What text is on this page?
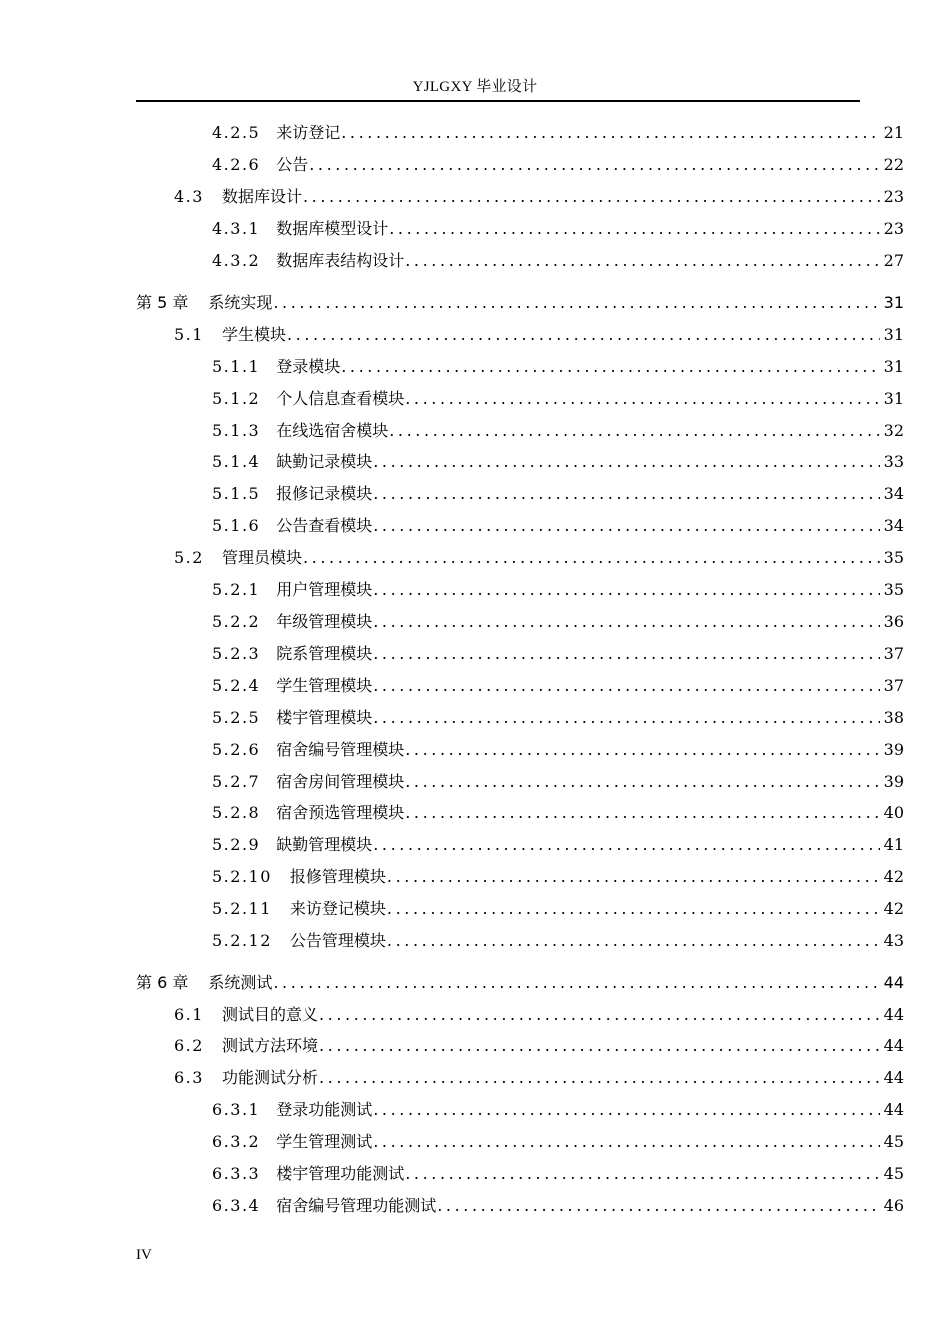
YJLGXY 毕业设计
4.2.5 来访登记 .....	21
4.2.6 公告 .....	22
4.3 数据库设计 .....	23
4.3.1 数据库模型设计 .....	23
4.3.2 数据库表结构设计 .....	27
第 5 章 系统实现 .....	31
5.1 学生模块 .....	31
5.1.1 登录模块 .....	31
5.1.2 个人信息查看模块 .....	31
5.1.3 在线选宿舍模块 .....	32
5.1.4 缺勤记录模块 .....	33
5.1.5 报修记录模块 .....	34
5.1.6 公告查看模块 .....	34
5.2 管理员模块 .....	35
5.2.1 用户管理模块 .....	35
5.2.2 年级管理模块 .....	36
5.2.3 院系管理模块 .....	37
5.2.4 学生管理模块 .....	37
5.2.5 楼宇管理模块 .....	38
5.2.6 宿舍编号管理模块 .....	39
5.2.7 宿舍房间管理模块 .....	39
5.2.8 宿舍预选管理模块 .....	40
5.2.9 缺勤管理模块 .....	41
5.2.10 报修管理模块 .....	42
5.2.11 来访登记模块 .....	42
5.2.12 公告管理模块 .....	43
第 6 章 系统测试 .....	44
6.1 测试目的意义 .....	44
6.2 测试方法环境 .....	44
6.3 功能测试分析 .....	44
6.3.1 登录功能测试 .....	44
6.3.2 学生管理测试 .....	45
6.3.3 楼宇管理功能测试 .....	45
6.3.4 宿舍编号管理功能测试 .....	46
IV
